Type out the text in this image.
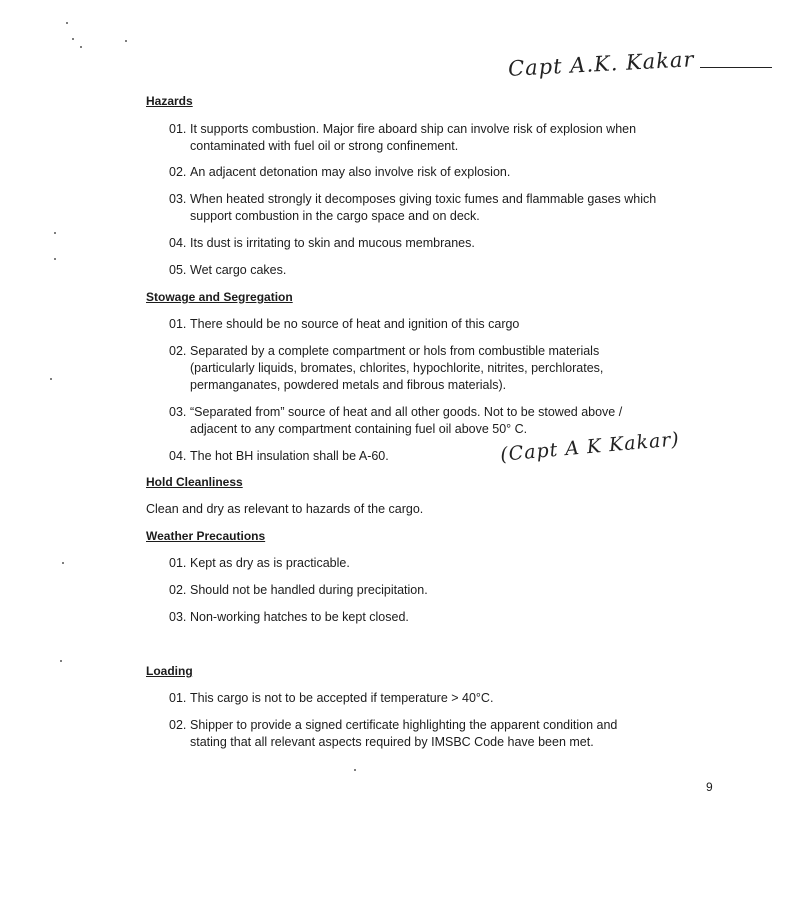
Capt A.K. Kakar
(Capt A K Kakar)
Hazards
01. It supports combustion. Major fire aboard ship can involve risk of explosion when
contaminated with fuel oil or strong confinement.
02. An adjacent detonation may also involve risk of explosion.
03. When heated strongly it decomposes giving toxic fumes and flammable gases which
support combustion in the cargo space and on deck.
04. Its dust is irritating to skin and mucous membranes.
05. Wet cargo cakes.
Stowage and Segregation
01. There should be no source of heat and ignition of this cargo
02. Separated by a complete compartment or hols from combustible materials
(particularly liquids, bromates, chlorites, hypochlorite, nitrites, perchlorates,
permanganates, powdered metals and fibrous materials).
03. “Separated from” source of heat and all other goods. Not to be stowed above /
adjacent to any compartment containing fuel oil above 50° C.
04. The hot BH insulation shall be A-60.
Hold Cleanliness
Clean and dry as relevant to hazards of the cargo.
Weather Precautions
01. Kept as dry as is practicable.
02. Should not be handled during precipitation.
03. Non-working hatches to be kept closed.
Loading
01. This cargo is not to be accepted if temperature > 40°C.
02. Shipper to provide a signed certificate highlighting the apparent condition and
stating that all relevant aspects required by IMSBC Code have been met.
9
